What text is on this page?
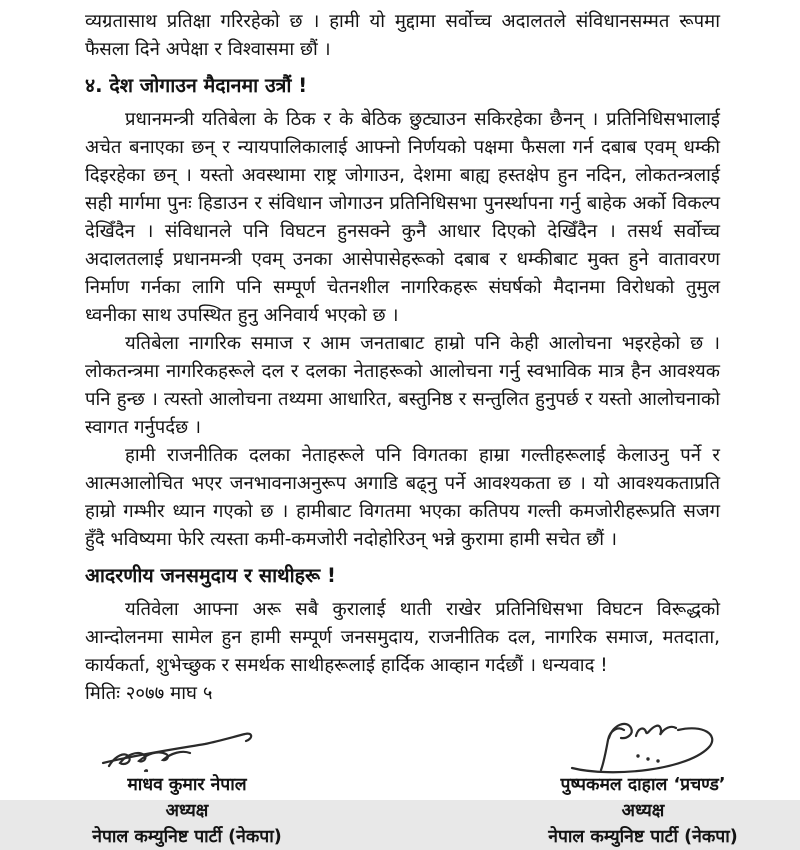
व्यग्रतासाथ प्रतिक्षा गरिरहेको छ । हामी यो मुद्दामा सर्वोच्च अदालतले संविधानसम्मत रूपमा फैसला दिने अपेक्षा र विश्वासमा छौं ।

४. देश जोगाउन मैदानमा उत्रौं !

प्रधानमन्त्री यतिबेला के ठिक र के बेठिक छुट्याउन सकिरहेका छैनन् । प्रतिनिधिसभालाई अचेत बनाएका छन् र न्यायपालिकालाई आफ्नो निर्णयको पक्षमा फैसला गर्न दबाब एवम् धम्की दिइरहेका छन् । यस्तो अवस्थामा राष्ट्र जोगाउन, देशमा बाह्य हस्तक्षेप हुन नदिन, लोकतन्त्रलाई सही मार्गमा पुनः हिडाउन र संविधान जोगाउन प्रतिनिधिसभा पुनर्स्थापना गर्नु बाहेक अर्को विकल्प देखिँदैन । संविधानले पनि विघटन हुनसक्ने कुनै आधार दिएको देखिँदैन । तसर्थ सर्वोच्च अदालतलाई प्रधानमन्त्री एवम् उनका आसेपासेहरूको दबाब र धम्कीबाट मुक्त हुने वातावरण निर्माण गर्नका लागि पनि सम्पूर्ण चेतनशील नागरिकहरू संघर्षको मैदानमा विरोधको तुमुल ध्वनीका साथ उपस्थित हुनु अनिवार्य भएको छ ।

यतिबेला नागरिक समाज र आम जनताबाट हाम्रो पनि केही आलोचना भइरहेको छ । लोकतन्त्रमा नागरिकहरूले दल र दलका नेताहरूको आलोचना गर्नु स्वभाविक मात्र हैन आवश्यक पनि हुन्छ । त्यस्तो आलोचना तथ्यमा आधारित, बस्तुनिष्ठ र सन्तुलित हुनुपर्छ र यस्तो आलोचनाको स्वागत गर्नुपर्दछ ।

हामी राजनीतिक दलका नेताहरूले पनि विगतका हाम्रा गल्तीहरूलाई केलाउनु पर्ने र आत्मआलोचित भएर जनभावनाअनुरूप अगाडि बढ्नु पर्ने आवश्यकता छ । यो आवश्यकताप्रति हाम्रो गम्भीर ध्यान गएको छ । हामीबाट विगतमा भएका कतिपय गल्ती कमजोरीहरूप्रति सजग हुँदै भविष्यमा फेरि त्यस्ता कमी-कमजोरी नदोहोरिउन् भन्ने कुरामा हामी सचेत छौं ।

आदरणीय जनसमुदाय र साथीहरू !

यतिवेला आफ्ना अरू सबै कुरालाई थाती राखेर प्रतिनिधिसभा विघटन विरूद्धको आन्दोलनमा सामेल हुन हामी सम्पूर्ण जनसमुदाय, राजनीतिक दल, नागरिक समाज, मतदाता, कार्यकर्ता, शुभेच्छुक र समर्थक साथीहरूलाई हार्दिक आव्हान गर्दछौं । धन्यवाद !

मितिः २०७७ माघ ५

माधव कुमार नेपाल
अध्यक्ष
नेपाल कम्युनिष्ट पार्टी (नेकपा)
पुष्पकमल दाहाल ‘प्रचण्ड’
अध्यक्ष
नेपाल कम्युनिष्ट पार्टी (नेकपा)
